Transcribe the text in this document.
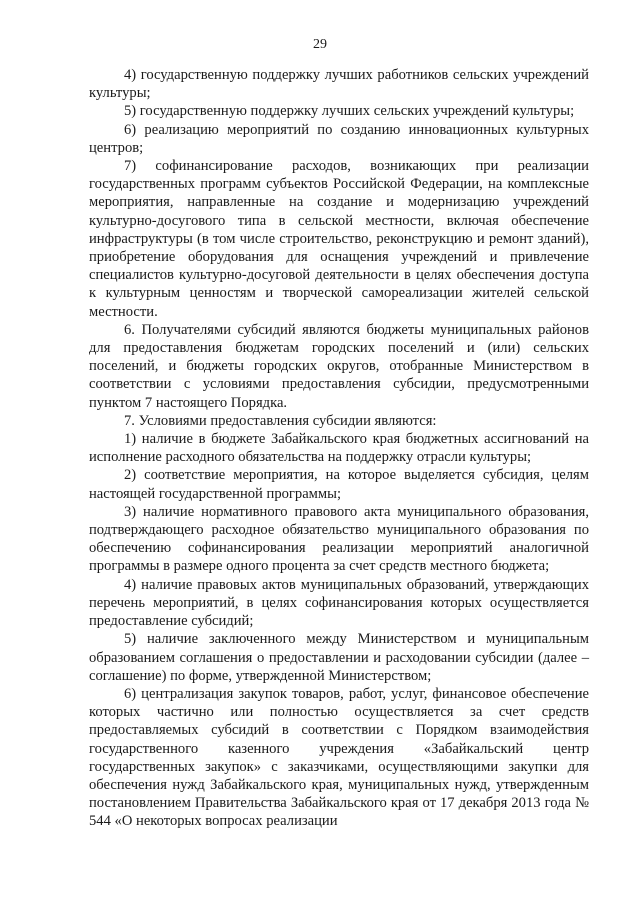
29

4) государственную поддержку лучших работников сельских учреждений культуры;

5) государственную поддержку лучших сельских учреждений культуры;

6) реализацию мероприятий по созданию инновационных культурных центров;

7) софинансирование расходов, возникающих при реализации государственных программ субъектов Российской Федерации, на комплексные мероприятия, направленные на создание и модернизацию учреждений культурно-досугового типа в сельской местности, включая обеспечение инфраструктуры (в том числе строительство, реконструкцию и ремонт зданий), приобретение оборудования для оснащения учреждений и привлечение специалистов культурно-досуговой деятельности в целях обеспечения доступа к культурным ценностям и творческой самореализации жителей сельской местности.

6. Получателями субсидий являются бюджеты муниципальных районов для предоставления бюджетам городских поселений и (или) сельских поселений, и бюджеты городских округов, отобранные Министерством в соответствии с условиями предоставления субсидии, предусмотренными пунктом 7 настоящего Порядка.

7. Условиями предоставления субсидии являются:

1) наличие в бюджете Забайкальского края бюджетных ассигнований на исполнение расходного обязательства на поддержку отрасли культуры;

2) соответствие мероприятия, на которое выделяется субсидия, целям настоящей государственной программы;

3) наличие нормативного правового акта муниципального образования, подтверждающего расходное обязательство муниципального образования по обеспечению софинансирования реализации мероприятий аналогичной программы в размере одного процента за счет средств местного бюджета;

4) наличие правовых актов муниципальных образований, утверждающих перечень мероприятий, в целях софинансирования которых осуществляется предоставление субсидий;

5) наличие заключенного между Министерством и муниципальным образованием соглашения о предоставлении и расходовании субсидии (далее – соглашение) по форме, утвержденной Министерством;

6) централизация закупок товаров, работ, услуг, финансовое обеспечение которых частично или полностью осуществляется за счет средств предоставляемых субсидий в соответствии с Порядком взаимодействия государственного казенного учреждения «Забайкальский центр государственных закупок» с заказчиками, осуществляющими закупки для обеспечения нужд Забайкальского края, муниципальных нужд, утвержденным постановлением Правительства Забайкальского края от 17 декабря 2013 года № 544 «О некоторых вопросах реализации
